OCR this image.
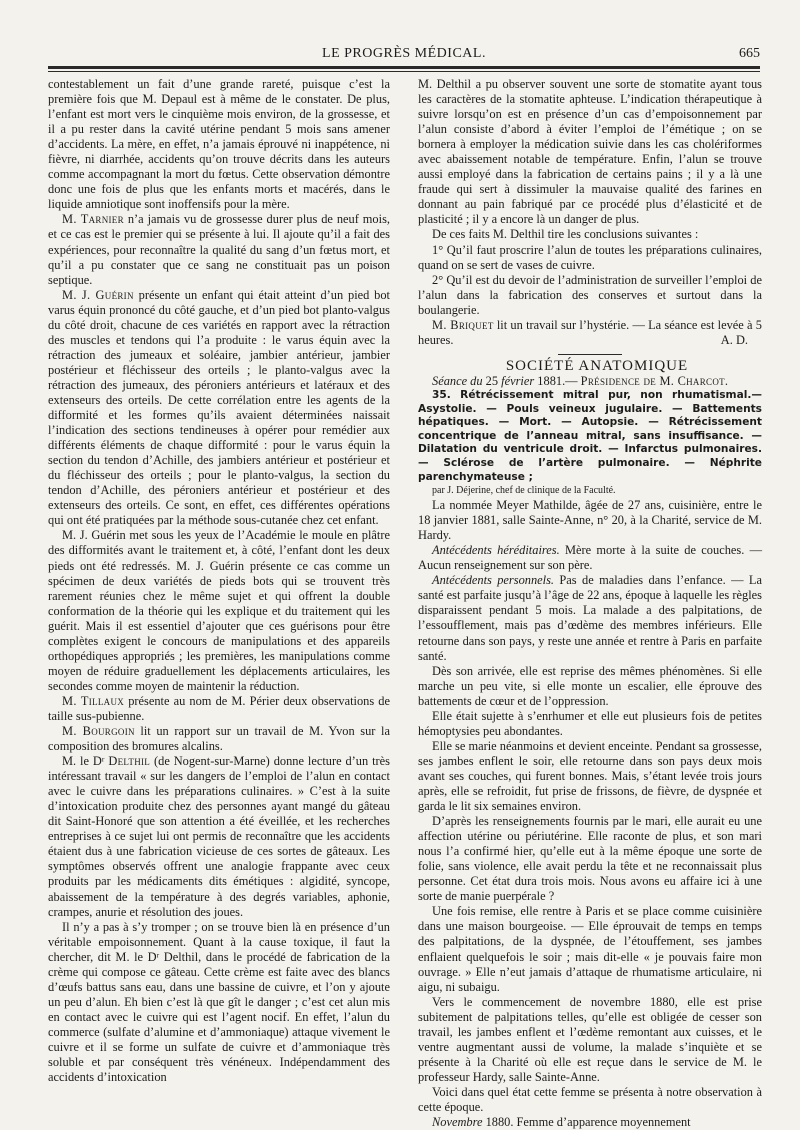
LE PROGRÈS MÉDICAL.	665

contestablement un fait d’une grande rareté, puisque c’est la première fois que M. Depaul est à même de le constater. De plus, l’enfant est mort vers le cinquième mois environ, de la grossesse, et il a pu rester dans la cavité utérine pendant 5 mois sans amener d’accidents. La mère, en effet, n’a jamais éprouvé ni inappétence, ni fièvre, ni diarrhée, accidents qu’on trouve décrits dans les auteurs comme accompagnant la mort du fœtus. Cette observation démontre donc une fois de plus que les enfants morts et macérés, dans le liquide amniotique sont inoffensifs pour la mère.

M. Tarnier n’a jamais vu de grossesse durer plus de neuf mois, et ce cas est le premier qui se présente à lui. Il ajoute qu’il a fait des expériences, pour reconnaître la qualité du sang d’un fœtus mort, et qu’il a pu constater que ce sang ne constituait pas un poison septique.

M. J. Guérin présente un enfant qui était atteint d’un pied bot varus équin prononcé du côté gauche, et d’un pied bot planto-valgus du côté droit, chacune de ces variétés en rapport avec la rétraction des muscles et tendons qui l’a produite : le varus équin avec la rétraction des jumeaux et soléaire, jambier antérieur, jambier postérieur et fléchisseur des orteils ; le planto-valgus avec la rétraction des jumeaux, des péroniers antérieurs et latéraux et des extenseurs des orteils. De cette corrélation entre les agents de la difformité et les formes qu’ils avaient déterminées naissait l’indication des sections tendineuses à opérer pour remédier aux différents éléments de chaque difformité : pour le varus équin la section du tendon d’Achille, des jambiers antérieur et postérieur et du fléchisseur des orteils ; pour le planto-valgus, la section du tendon d’Achille, des péroniers antérieur et postérieur et des extenseurs des orteils. Ce sont, en effet, ces différentes opérations qui ont été pratiquées par la méthode sous-cutanée chez cet enfant.

M. J. Guérin met sous les yeux de l’Académie le moule en plâtre des difformités avant le traitement et, à côté, l’enfant dont les deux pieds ont été redressés. M. J. Guérin présente ce cas comme un spécimen de deux variétés de pieds bots qui se trouvent très rarement réunies chez le même sujet et qui offrent la double conformation de la théorie qui les explique et du traitement qui les guérit. Mais il est essentiel d’ajouter que ces guérisons pour être complètes exigent le concours de manipulations et des appareils orthopédiques appropriés ; les premières, les manipulations comme moyen de réduire graduellement les déplacements articulaires, les secondes comme moyen de maintenir la réduction.

M. Tillaux présente au nom de M. Périer deux observations de taille sus-pubienne.

M. Bourgoin lit un rapport sur un travail de M. Yvon sur la composition des bromures alcalins.

M. le Dʳ Delthil (de Nogent-sur-Marne) donne lecture d’un très intéressant travail « sur les dangers de l’emploi de l’alun en contact avec le cuivre dans les préparations culinaires. » C’est à la suite d’intoxication produite chez des personnes ayant mangé du gâteau dit Saint-Honoré que son attention a été éveillée, et les recherches entreprises à ce sujet lui ont permis de reconnaître que les accidents étaient dus à une fabrication vicieuse de ces sortes de gâteaux. Les symptômes observés offrent une analogie frappante avec ceux produits par les médicaments dits émétiques : algidité, syncope, abaissement de la température à des degrés variables, aphonie, crampes, anurie et résolution des joues.

Il n’y a pas à s’y tromper ; on se trouve bien là en présence d’un véritable empoisonnement. Quant à la cause toxique, il faut la chercher, dit M. le Dʳ Delthil, dans le procédé de fabrication de la crème qui compose ce gâteau. Cette crème est faite avec des blancs d’œufs battus sans eau, dans une bassine de cuivre, et l’on y ajoute un peu d’alun. Eh bien c’est là que gît le danger ; c’est cet alun mis en contact avec le cuivre qui est l’agent nocif. En effet, l’alun du commerce (sulfate d’alumine et d’ammoniaque) attaque vivement le cuivre et il se forme un sulfate de cuivre et d’ammoniaque très soluble et par conséquent très vénéneux. Indépendamment des accidents d’intoxication

M. Delthil a pu observer souvent une sorte de stomatite ayant tous les caractères de la stomatite aphteuse. L’indication thérapeutique à suivre lorsqu’on est en présence d’un cas d’empoisonnement par l’alun consiste d’abord à éviter l’emploi de l’émétique ; on se bornera à employer la médication suivie dans les cas cholériformes avec abaissement notable de température. Enfin, l’alun se trouve aussi employé dans la fabrication de certains pains ; il y a là une fraude qui sert à dissimuler la mauvaise qualité des farines en donnant au pain fabriqué par ce procédé plus d’élasticité et de plasticité ; il y a encore là un danger de plus.

De ces faits M. Delthil tire les conclusions suivantes :

1° Qu’il faut proscrire l’alun de toutes les préparations culinaires, quand on se sert de vases de cuivre.

2° Qu’il est du devoir de l’administration de surveiller l’emploi de l’alun dans la fabrication des conserves et surtout dans la boulangerie.

M. Briquet lit un travail sur l’hystérie. — La séance est levée à 5 heures.	A. D.

SOCIÉTÉ ANATOMIQUE

Séance du 25 février 1881.— Présidence de M. Charcot.

35. Rétrécissement mitral pur, non rhumatismal.— Asystolie. — Pouls veineux jugulaire. — Battements hépatiques. — Mort. — Autopsie. — Rétrécissement concentrique de l’anneau mitral, sans insuffisance. — Dilatation du ventricule droit. — Infarctus pulmonaires. — Sclérose de l’artère pulmonaire. — Néphrite parenchymateuse ;

par J. Déjerine, chef de clinique de la Faculté.

La nommée Meyer Mathilde, âgée de 27 ans, cuisinière, entre le 18 janvier 1881, salle Sainte-Anne, n° 20, à la Charité, service de M. Hardy.

Antécédents héréditaires. Mère morte à la suite de couches. — Aucun renseignement sur son père.

Antécédents personnels. Pas de maladies dans l’enfance. — La santé est parfaite jusqu’à l’âge de 22 ans, époque à laquelle les règles disparaissent pendant 5 mois. La malade a des palpitations, de l’essoufflement, mais pas d’œdème des membres inférieurs. Elle retourne dans son pays, y reste une année et rentre à Paris en parfaite santé.

Dès son arrivée, elle est reprise des mêmes phénomènes. Si elle marche un peu vite, si elle monte un escalier, elle éprouve des battements de cœur et de l’oppression.

Elle était sujette à s’enrhumer et elle eut plusieurs fois de petites hémoptysies peu abondantes.

Elle se marie néanmoins et devient enceinte. Pendant sa grossesse, ses jambes enflent le soir, elle retourne dans son pays deux mois avant ses couches, qui furent bonnes. Mais, s’étant levée trois jours après, elle se refroidit, fut prise de frissons, de fièvre, de dyspnée et garda le lit six semaines environ.

D’après les renseignements fournis par le mari, elle aurait eu une affection utérine ou périutérine. Elle raconte de plus, et son mari nous l’a confirmé hier, qu’elle eut à la même époque une sorte de folie, sans violence, elle avait perdu la tête et ne reconnaissait plus personne. Cet état dura trois mois. Nous avons eu affaire ici à une sorte de manie puerpérale ?

Une fois remise, elle rentre à Paris et se place comme cuisinière dans une maison bourgeoise. — Elle éprouvait de temps en temps des palpitations, de la dyspnée, de l’étouffement, ses jambes enflaient quelquefois le soir ; mais dit-elle « je pouvais faire mon ouvrage. » Elle n’eut jamais d’attaque de rhumatisme articulaire, ni aigu, ni subaigu.

Vers le commencement de novembre 1880, elle est prise subitement de palpitations telles, qu’elle est obligée de cesser son travail, les jambes enflent et l’œdème remontant aux cuisses, et le ventre augmentant aussi de volume, la malade s’inquiète et se présente à la Charité où elle est reçue dans le service de M. le professeur Hardy, salle Sainte-Anne.

Voici dans quel état cette femme se présenta à notre observation à cette époque.

Novembre 1880. Femme d’apparence moyennement
